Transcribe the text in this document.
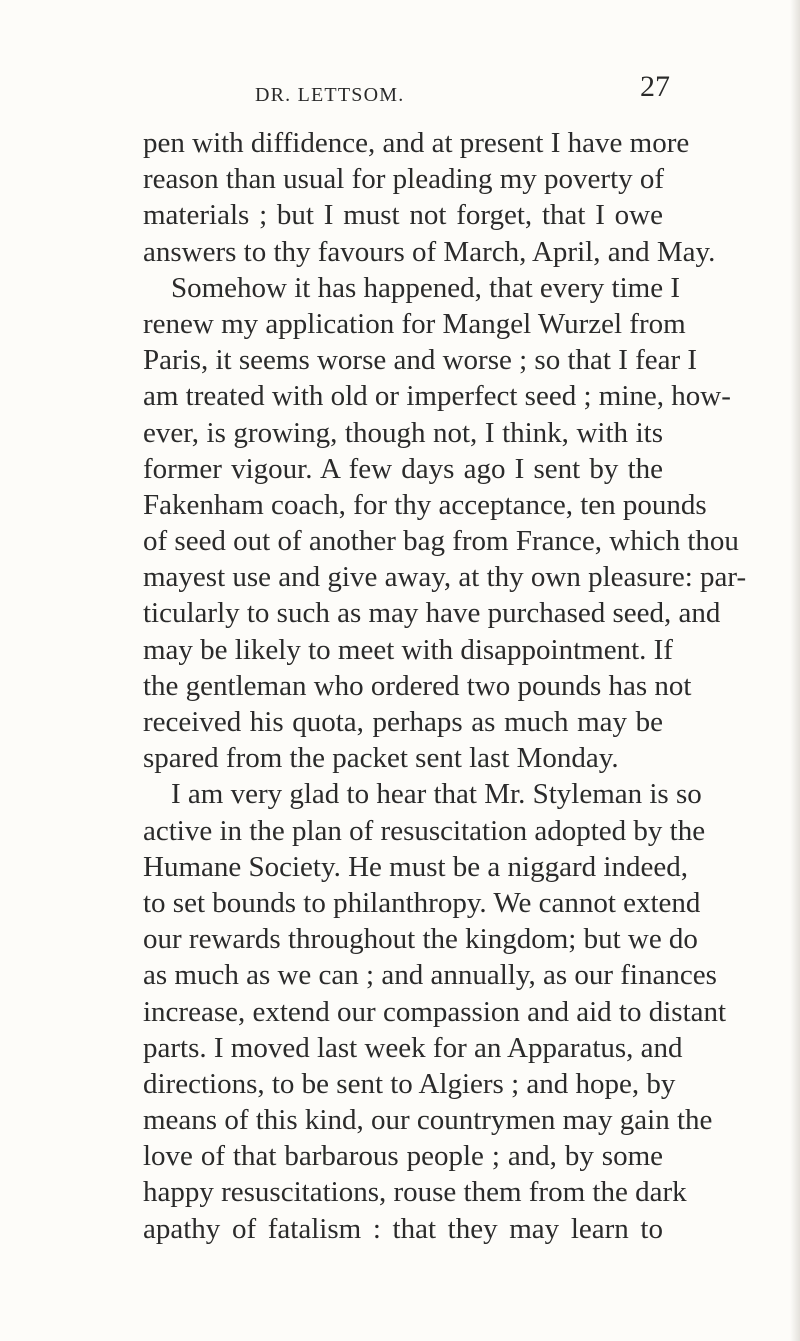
DR. LETTSOM.	27
pen with diffidence, and at present I have more
reason than usual for pleading my poverty of
materials ; but I must not forget, that I owe
answers to thy favours of March, April, and May.
Somehow it has happened, that every time I
renew my application for Mangel Wurzel from
Paris, it seems worse and worse ; so that I fear I
am treated with old or imperfect seed ; mine, how-
ever, is growing, though not, I think, with its
former vigour. A few days ago I sent by the
Fakenham coach, for thy acceptance, ten pounds
of seed out of another bag from France, which thou
mayest use and give away, at thy own pleasure: par-
ticularly to such as may have purchased seed, and
may be likely to meet with disappointment. If
the gentleman who ordered two pounds has not
received his quota, perhaps as much may be
spared from the packet sent last Monday.
I am very glad to hear that Mr. Styleman is so
active in the plan of resuscitation adopted by the
Humane Society. He must be a niggard indeed,
to set bounds to philanthropy. We cannot extend
our rewards throughout the kingdom; but we do
as much as we can ; and annually, as our finances
increase, extend our compassion and aid to distant
parts. I moved last week for an Apparatus, and
directions, to be sent to Algiers ; and hope, by
means of this kind, our countrymen may gain the
love of that barbarous people ; and, by some
happy resuscitations, rouse them from the dark
apathy of fatalism : that they may learn to
